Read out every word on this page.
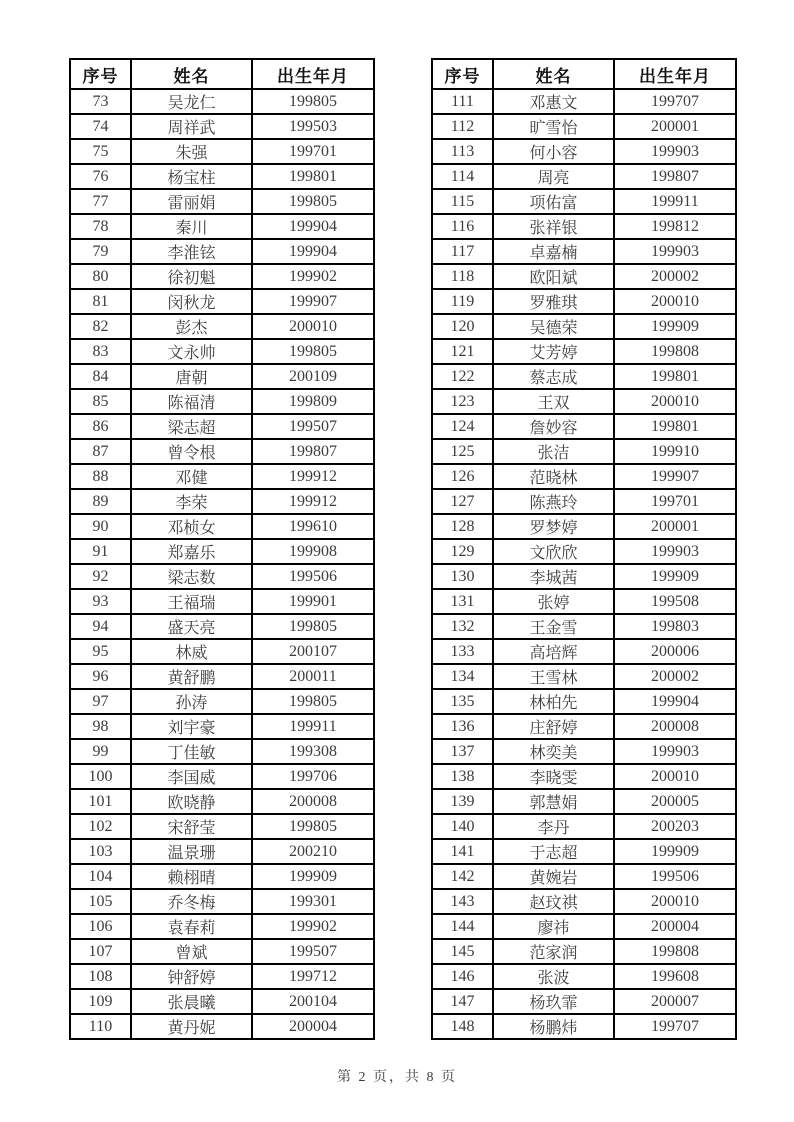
序号	姓名	出生年月
73	吴龙仁	199805
74	周祥武	199503
75	朱强	199701
76	杨宝柱	199801
77	雷丽娟	199805
78	秦川	199904
79	李淮铉	199904
80	徐初魁	199902
81	闵秋龙	199907
82	彭杰	200010
83	文永帅	199805
84	唐朝	200109
85	陈福清	199809
86	梁志超	199507
87	曾令根	199807
88	邓健	199912
89	李荣	199912
90	邓桢女	199610
91	郑嘉乐	199908
92	梁志数	199506
93	王福瑞	199901
94	盛天亮	199805
95	林威	200107
96	黄舒鹏	200011
97	孙涛	199805
98	刘宇豪	199911
99	丁佳敏	199308
100	李国威	199706
101	欧晓静	200008
102	宋舒莹	199805
103	温景珊	200210
104	赖栩晴	199909
105	乔冬梅	199301
106	袁春莉	199902
107	曾斌	199507
108	钟舒婷	199712
109	张晨曦	200104
110	黄丹妮	200004
序号	姓名	出生年月
111	邓惠文	199707
112	旷雪怡	200001
113	何小容	199903
114	周亮	199807
115	项佑富	199911
116	张祥银	199812
117	卓嘉楠	199903
118	欧阳斌	200002
119	罗雅琪	200010
120	吴德荣	199909
121	艾芳婷	199808
122	蔡志成	199801
123	王双	200010
124	詹妙容	199801
125	张洁	199910
126	范晓林	199907
127	陈燕玲	199701
128	罗梦婷	200001
129	文欣欣	199903
130	李城茜	199909
131	张婷	199508
132	王金雪	199803
133	高培辉	200006
134	王雪林	200002
135	林柏先	199904
136	庄舒婷	200008
137	林奕美	199903
138	李晓雯	200010
139	郭慧娟	200005
140	李丹	200203
141	于志超	199909
142	黄婉岩	199506
143	赵玟祺	200010
144	廖祎	200004
145	范家润	199808
146	张波	199608
147	杨玖霏	200007
148	杨鹏炜	199707
第 2 页，共 8 页
